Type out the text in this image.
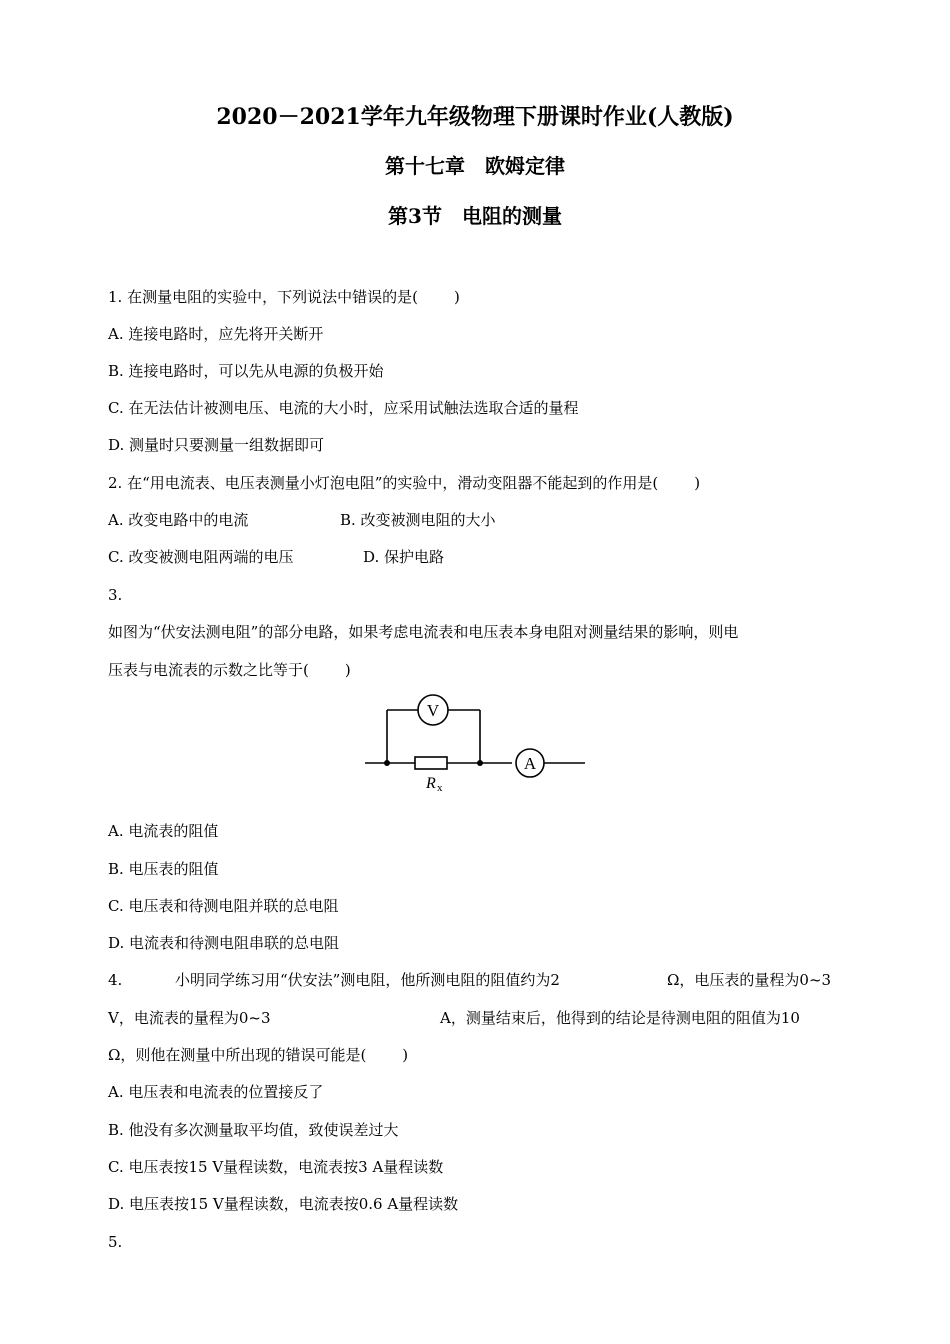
2020－2021学年九年级物理下册课时作业(人教版)
第十七章　欧姆定律
第3节　电阻的测量
1. 在测量电阻的实验中，下列说法中错误的是( )
A. 连接电路时，应先将开关断开
B. 连接电路时，可以先从电源的负极开始
C. 在无法估计被测电压、电流的大小时，应采用试触法选取合适的量程
D. 测量时只要测量一组数据即可
2. 在“用电流表、电压表测量小灯泡电阻”的实验中，滑动变阻器不能起到的作用是( )
A. 改变电路中的电流	B. 改变被测电阻的大小
C. 改变被测电阻两端的电压	D. 保护电路
3.
如图为“伏安法测电阻”的部分电路，如果考虑电流表和电压表本身电阻对测量结果的影响，则电
压表与电流表的示数之比等于( )
V
A
R x
A. 电流表的阻值
B. 电压表的阻值
C. 电压表和待测电阻并联的总电阻
D. 电流表和待测电阻串联的总电阻
4.	小明同学练习用“伏安法”测电阻，他所测电阻的阻值约为2	Ω，电压表的量程为0~3
V，电流表的量程为0~3	A，测量结束后，他得到的结论是待测电阻的阻值为10
Ω，则他在测量中所出现的错误可能是( )
A. 电压表和电流表的位置接反了
B. 他没有多次测量取平均值，致使误差过大
C. 电压表按15 V量程读数，电流表按3 A量程读数
D. 电压表按15 V量程读数，电流表按0.6 A量程读数
5.
